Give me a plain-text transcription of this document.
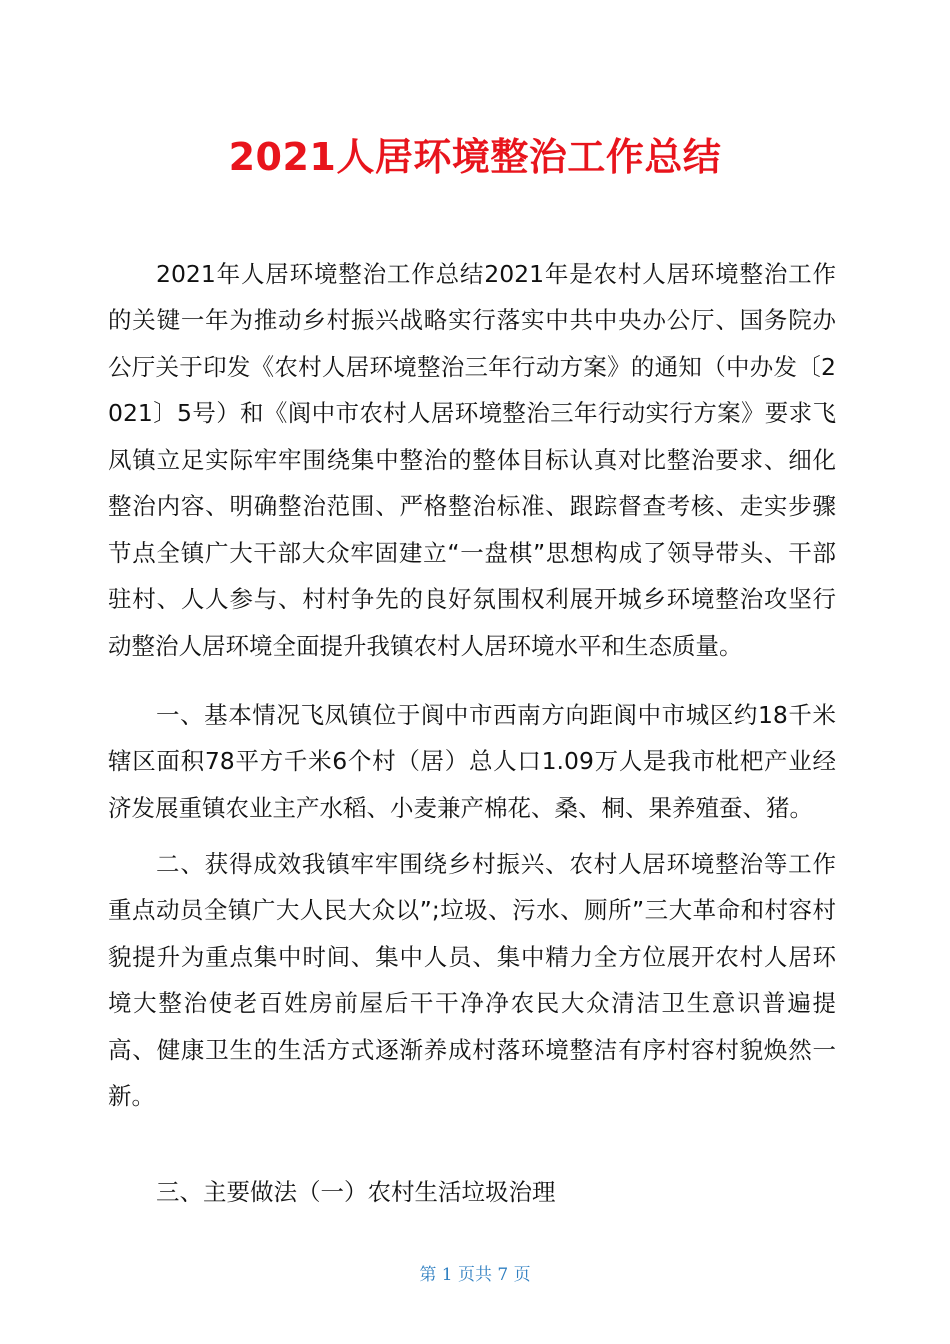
2021人居环境整治工作总结

2021年人居环境整治工作总结2021年是农村人居环境整治工作的关键一年为推动乡村振兴战略实行落实中共中央办公厅、国务院办公厅关于印发《农村人居环境整治三年行动方案》的通知（中办发〔2021〕5号）和《阆中市农村人居环境整治三年行动实行方案》要求飞凤镇立足实际牢牢围绕集中整治的整体目标认真对比整治要求、细化整治内容、明确整治范围、严格整治标准、跟踪督查考核、走实步骤节点全镇广大干部大众牢固建立“一盘棋”思想构成了领导带头、干部驻村、人人参与、村村争先的良好氛围权利展开城乡环境整治攻坚行动整治人居环境全面提升我镇农村人居环境水平和生态质量。

一、基本情况飞凤镇位于阆中市西南方向距阆中市城区约18千米辖区面积78平方千米6个村（居）总人口1.09万人是我市枇杷产业经济发展重镇农业主产水稻、小麦兼产棉花、桑、桐、果养殖蚕、猪。

二、获得成效我镇牢牢围绕乡村振兴、农村人居环境整治等工作重点动员全镇广大人民大众以”;垃圾、污水、厕所”三大革命和村容村貌提升为重点集中时间、集中人员、集中精力全方位展开农村人居环境大整治使老百姓房前屋后干干净净农民大众清洁卫生意识普遍提高、健康卫生的生活方式逐渐养成村落环境整洁有序村容村貌焕然一新。

三、主要做法（一）农村生活垃圾治理

第 1 页共 7 页
